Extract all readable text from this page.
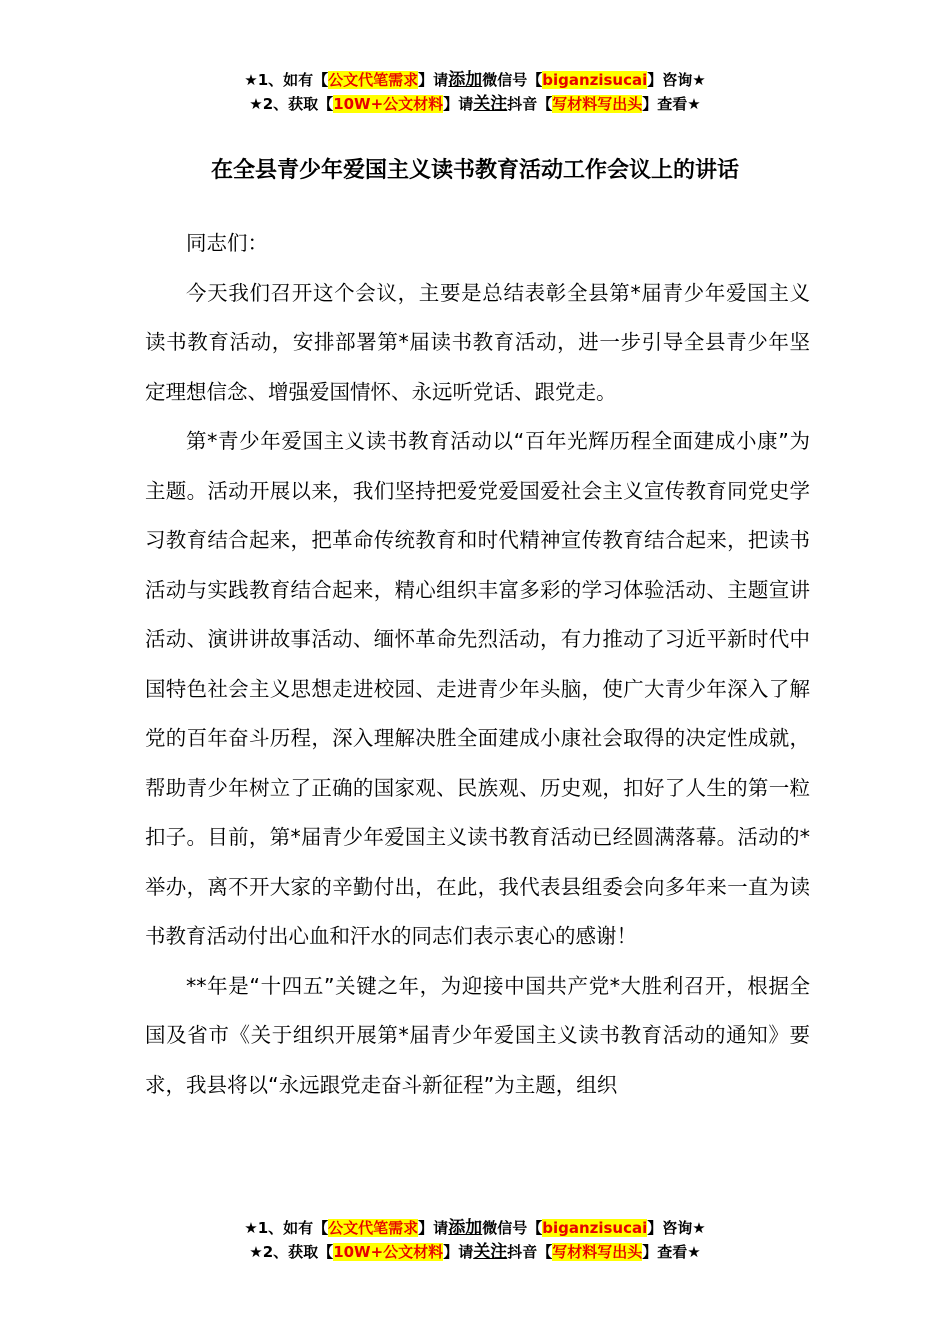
★1、如有【公文代笔需求】请添加微信号【biganzisucai】咨询★
★2、获取【10W+公文材料】请关注抖音【写材料写出头】查看★
在全县青少年爱国主义读书教育活动工作会议上的讲话

同志们：

今天我们召开这个会议，主要是总结表彰全县第*届青少年爱国主义读书教育活动，安排部署第*届读书教育活动，进一步引导全县青少年坚定理想信念、增强爱国情怀、永远听党话、跟党走。

第*青少年爱国主义读书教育活动以“百年光辉历程全面建成小康”为主题。活动开展以来，我们坚持把爱党爱国爱社会主义宣传教育同党史学习教育结合起来，把革命传统教育和时代精神宣传教育结合起来，把读书活动与实践教育结合起来，精心组织丰富多彩的学习体验活动、主题宣讲活动、演讲讲故事活动、缅怀革命先烈活动，有力推动了习近平新时代中国特色社会主义思想走进校园、走进青少年头脑，使广大青少年深入了解党的百年奋斗历程，深入理解决胜全面建成小康社会取得的决定性成就，帮助青少年树立了正确的国家观、民族观、历史观，扣好了人生的第一粒扣子。目前，第*届青少年爱国主义读书教育活动已经圆满落幕。活动的*举办，离不开大家的辛勤付出，在此，我代表县组委会向多年来一直为读书教育活动付出心血和汗水的同志们表示衷心的感谢！

**年是“十四五”关键之年，为迎接中国共产党*大胜利召开，根据全国及省市《关于组织开展第*届青少年爱国主义读书教育活动的通知》要求，我县将以“永远跟党走奋斗新征程”为主题，组织

★1、如有【公文代笔需求】请添加微信号【biganzisucai】咨询★
★2、获取【10W+公文材料】请关注抖音【写材料写出头】查看★
